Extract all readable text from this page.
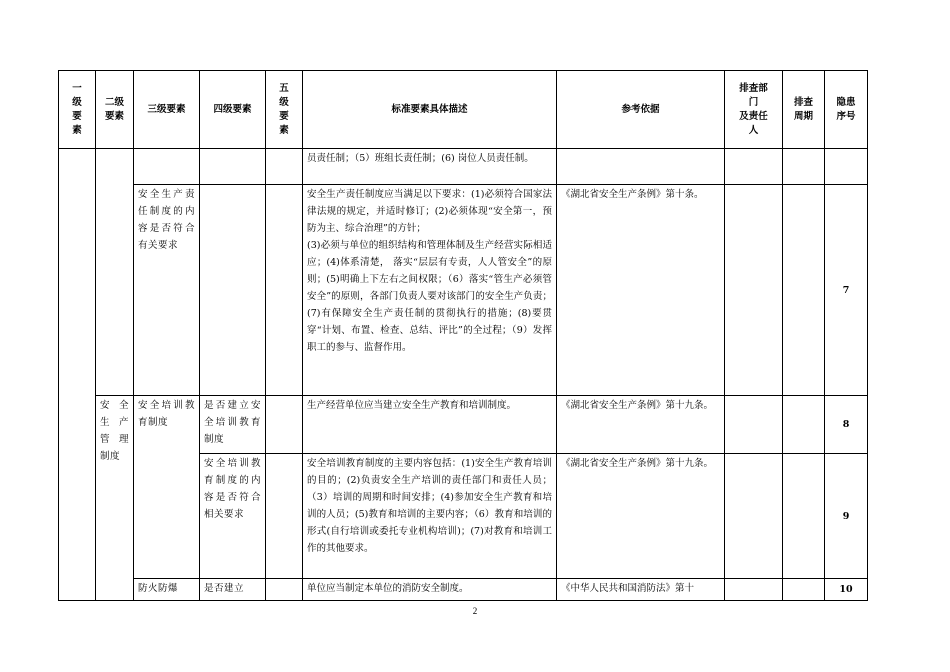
一
级
要
素	二级
要素	三级要素	四级要素	五
级
要
素	标准要素具体描述	参考依据	排查部
门
及责任
人	排查
周期	隐患
序号
					员责任制；（5）班组长责任制；(6) 岗位人员责任制。				
		安全生产责任制度的内容是否符合有关要求			安全生产责任制度应当满足以下要求：(1)必须符合国家法律法规的规定，并适时修订；(2)必须体现“安全第一，预防为主、综合治理”的方针；
(3)必须与单位的组织结构和管理体制及生产经营实际相适应；(4)体系清楚， 落实“层层有专责，人人管安全”的原则；(5)明确上下左右之间权限；（6）落实“管生产必须管安全”的原则，各部门负责人要对该部门的安全生产负责；(7)有保障安全生产责任制的贯彻执行的措施；(8)要贯穿“计划、布置、检查、总结、评比”的全过程；（9）发挥职工的参与、监督作用。	《湖北省安全生产条例》第十条。			7
	安全生产管理制度	安全培训教育制度	是否建立安全培训教育制度		生产经营单位应当建立安全生产教育和培训制度。	《湖北省安全生产条例》第十九条。			8
			安全培训教育制度的内容是否符合相关要求		安全培训教育制度的主要内容包括：(1)安全生产教育培训的目的；(2)负责安全生产培训的责任部门和责任人员；（3）培训的周期和时间安排；(4)参加安全生产教育和培训的人员；(5)教育和培训的主要内容；（6）教育和培训的形式(自行培训或委托专业机构培训)；(7)对教育和培训工作的其他要求。	《湖北省安全生产条例》第十九条。			9
		防火防爆	是否建立		单位应当制定本单位的消防安全制度。	《中华人民共和国消防法》第十			10
2
